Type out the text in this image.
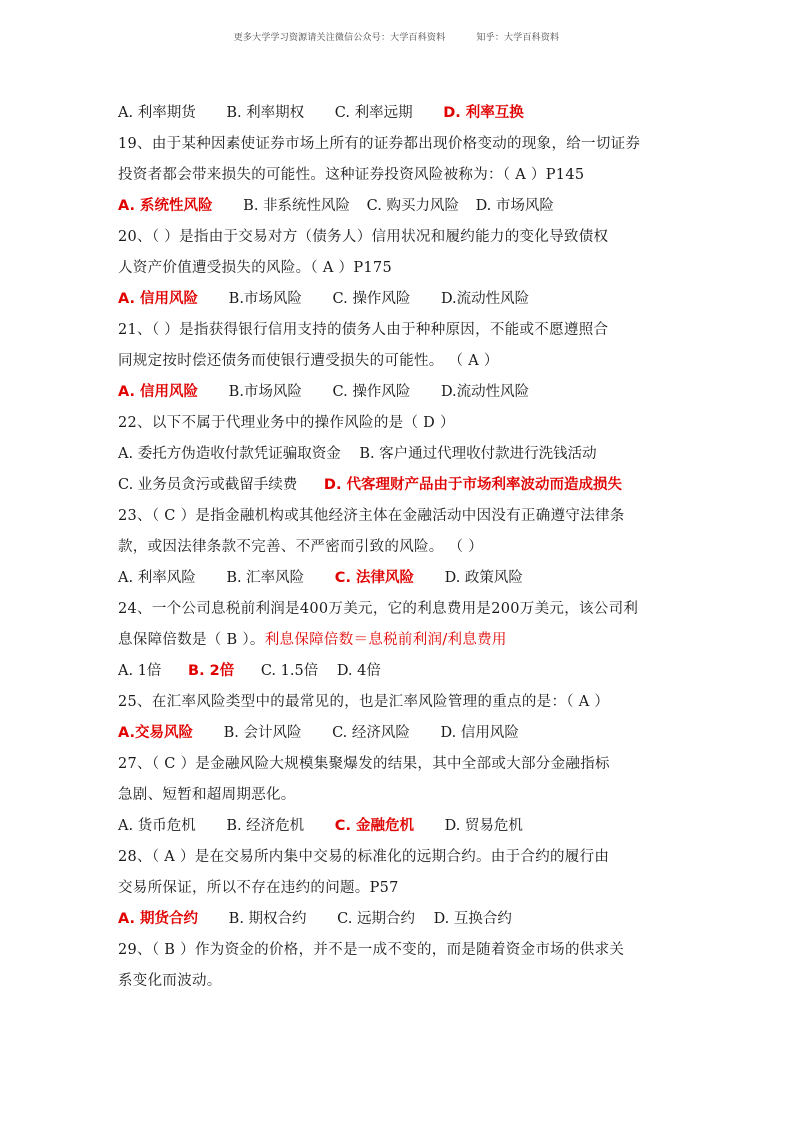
更多大学学习资源请关注微信公众号：大学百科资料	知乎：大学百科资料
A. 利率期货 B. 利率期权 C. 利率远期 D. 利率互换
19、由于某种因素使证券市场上所有的证券都出现价格变动的现象，给一切证券
投资者都会带来损失的可能性。这种证券投资风险被称为：（ A ）P145
A. 系统性风险 B. 非系统性风险 C. 购买力风险 D. 市场风险
20、（ ）是指由于交易对方（债务人）信用状况和履约能力的变化导致债权
人资产价值遭受损失的风险。（ A ）P175
A. 信用风险 B.市场风险 C. 操作风险 D.流动性风险
21、（ ）是指获得银行信用支持的债务人由于种种原因，不能或不愿遵照合
同规定按时偿还债务而使银行遭受损失的可能性。 （ A ）
A. 信用风险 B.市场风险 C. 操作风险 D.流动性风险
22、以下不属于代理业务中的操作风险的是（ D ）
A. 委托方伪造收付款凭证骗取资金 B. 客户通过代理收付款进行洗钱活动
C. 业务员贪污或截留手续费 D. 代客理财产品由于市场利率波动而造成损失
23、（ C ）是指金融机构或其他经济主体在金融活动中因没有正确遵守法律条
款，或因法律条款不完善、不严密而引致的风险。 （ ）
A. 利率风险 B. 汇率风险 C. 法律风险 D. 政策风险
24、一个公司息税前利润是400万美元，它的利息费用是200万美元，该公司利
息保障倍数是（ B ）。利息保障倍数＝息税前利润/利息费用
A. 1倍 B. 2倍 C. 1.5倍 D. 4倍
25、在汇率风险类型中的最常见的，也是汇率风险管理的重点的是：（ A ）
A.交易风险 B. 会计风险 C. 经济风险 D. 信用风险
27、（ C ）是金融风险大规模集聚爆发的结果，其中全部或大部分金融指标
急剧、短暂和超周期恶化。
A. 货币危机 B. 经济危机 C. 金融危机 D. 贸易危机
28、（ A ）是在交易所内集中交易的标准化的远期合约。由于合约的履行由
交易所保证，所以不存在违约的问题。P57
A. 期货合约 B. 期权合约 C. 远期合约 D. 互换合约
29、（ B ）作为资金的价格，并不是一成不变的，而是随着资金市场的供求关
系变化而波动。
